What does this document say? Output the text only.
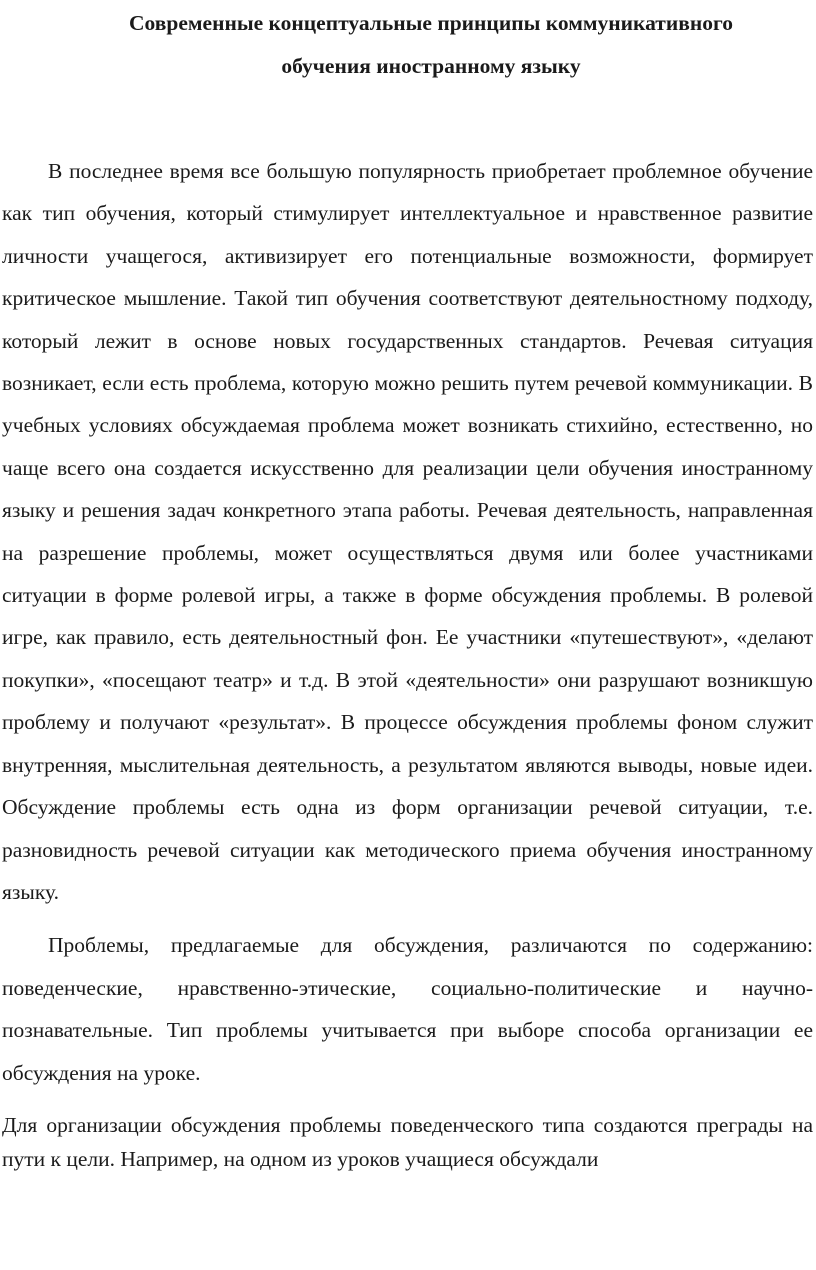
Современные концептуальные принципы коммуникативного
обучения иностранному языку

В последнее время все большую популярность приобретает проблемное обучение как тип обучения, который стимулирует интеллектуальное и нравственное развитие личности учащегося, активизирует его потенциальные возможности, формирует критическое мышление. Такой тип обучения соответствуют деятельностному подходу, который лежит в основе новых государственных стандартов. Речевая ситуация возникает, если есть проблема, которую можно решить путем речевой коммуникации. В учебных условиях обсуждаемая проблема может возникать стихийно, естественно, но чаще всего она создается искусственно для реализации цели обучения иностранному языку и решения задач конкретного этапа работы. Речевая деятельность, направленная на разрешение проблемы, может осуществляться двумя или более участниками ситуации в форме ролевой игры, а также в форме обсуждения проблемы. В ролевой игре, как правило, есть деятельностный фон. Ее участники «путешествуют», «делают покупки», «посещают театр» и т.д. В этой «деятельности» они разрушают возникшую проблему и получают «результат». В процессе обсуждения проблемы фоном служит внутренняя, мыслительная деятельность, а результатом являются выводы, новые идеи. Обсуждение проблемы есть одна из форм организации речевой ситуации, т.е. разновидность речевой ситуации как методического приема обучения иностранному языку.

Проблемы, предлагаемые для обсуждения, различаются по содержанию: поведенческие, нравственно-этические, социально-политические и научно-познавательные. Тип проблемы учитывается при выборе способа организации ее обсуждения на уроке.

Для организации обсуждения проблемы поведенческого типа создаются преграды на пути к цели. Например, на одном из уроков учащиеся обсуждали
